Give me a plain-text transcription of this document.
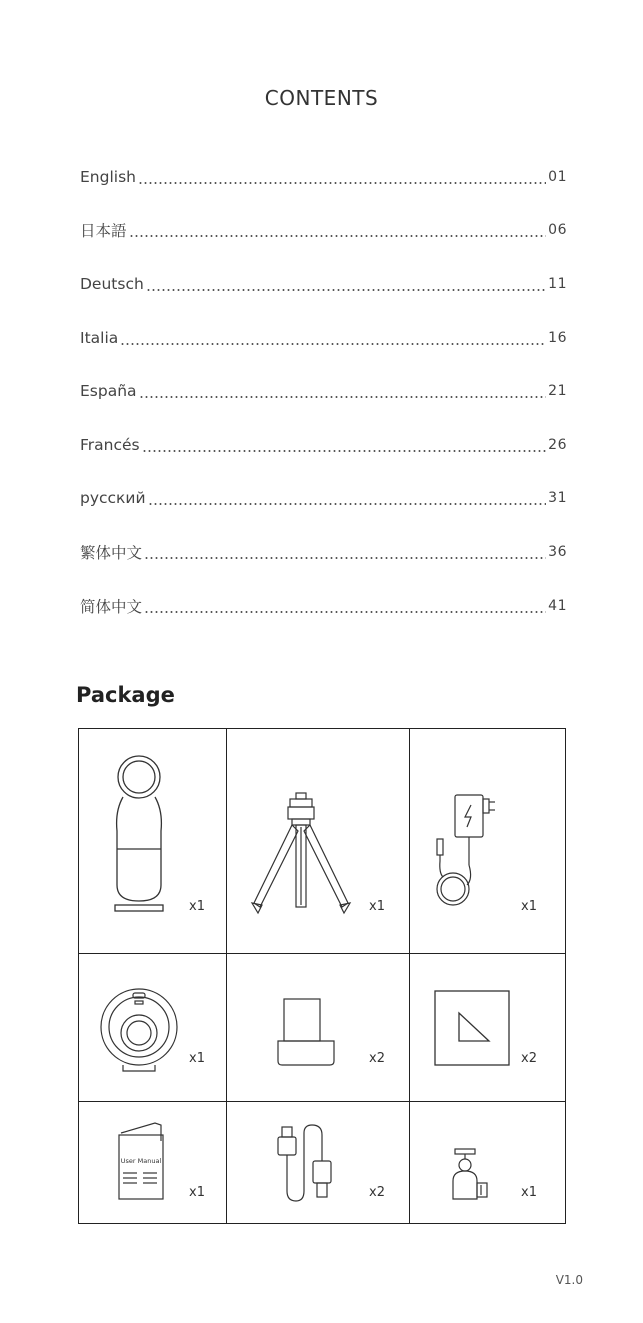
CONTENTS
English	01
日本語	06
Deutsch	11
Italia	16
España	21
Francés	26
русский	31
繁体中文	36
简体中文	41
Package
x1	x1	x1
x1	x2	x2
User Manual
x1	x2	x1
V1.0
